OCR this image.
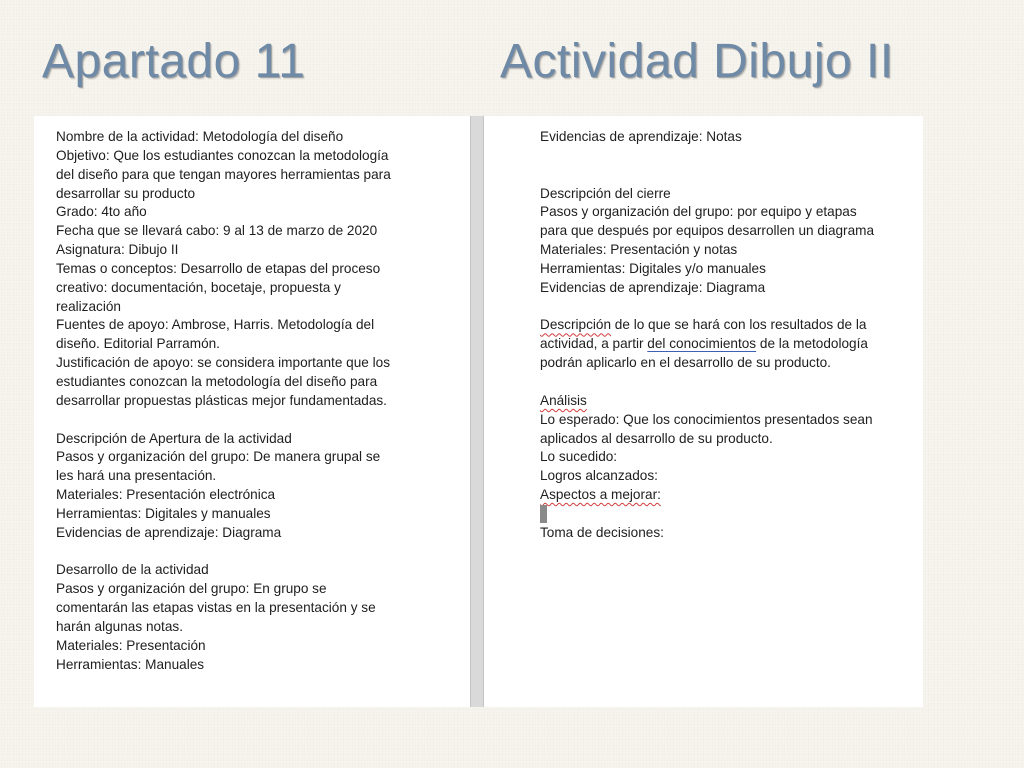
Apartado 11	Actividad Dibujo II
Nombre de la actividad: Metodología del diseño
Objetivo: Que los estudiantes conozcan la metodología
del diseño para que tengan mayores herramientas para
desarrollar su producto
Grado: 4to año
Fecha que se llevará cabo: 9 al 13 de marzo de 2020
Asignatura: Dibujo II
Temas o conceptos: Desarrollo de etapas del proceso
creativo: documentación, bocetaje, propuesta y
realización
Fuentes de apoyo: Ambrose, Harris. Metodología del
diseño. Editorial Parramón.
Justificación de apoyo: se considera importante que los
estudiantes conozcan la metodología del diseño para
desarrollar propuestas plásticas mejor fundamentadas.
Descripción de Apertura de la actividad
Pasos y organización del grupo: De manera grupal se
les hará una presentación.
Materiales: Presentación electrónica
Herramientas: Digitales y manuales
Evidencias de aprendizaje: Diagrama
Desarrollo de la actividad
Pasos y organización del grupo: En grupo se
comentarán las etapas vistas en la presentación y se
harán algunas notas.
Materiales: Presentación
Herramientas: Manuales
Evidencias de aprendizaje: Notas
Descripción del cierre
Pasos y organización del grupo: por equipo y etapas
para que después por equipos desarrollen un diagrama
Materiales: Presentación y notas
Herramientas: Digitales y/o manuales
Evidencias de aprendizaje: Diagrama
Descripción de lo que se hará con los resultados de la
actividad, a partir del conocimientos de la metodología
podrán aplicarlo en el desarrollo de su producto.
Análisis
Lo esperado: Que los conocimientos presentados sean
aplicados al desarrollo de su producto.
Lo sucedido:
Logros alcanzados:
Aspectos a mejorar:
Toma de decisiones:
